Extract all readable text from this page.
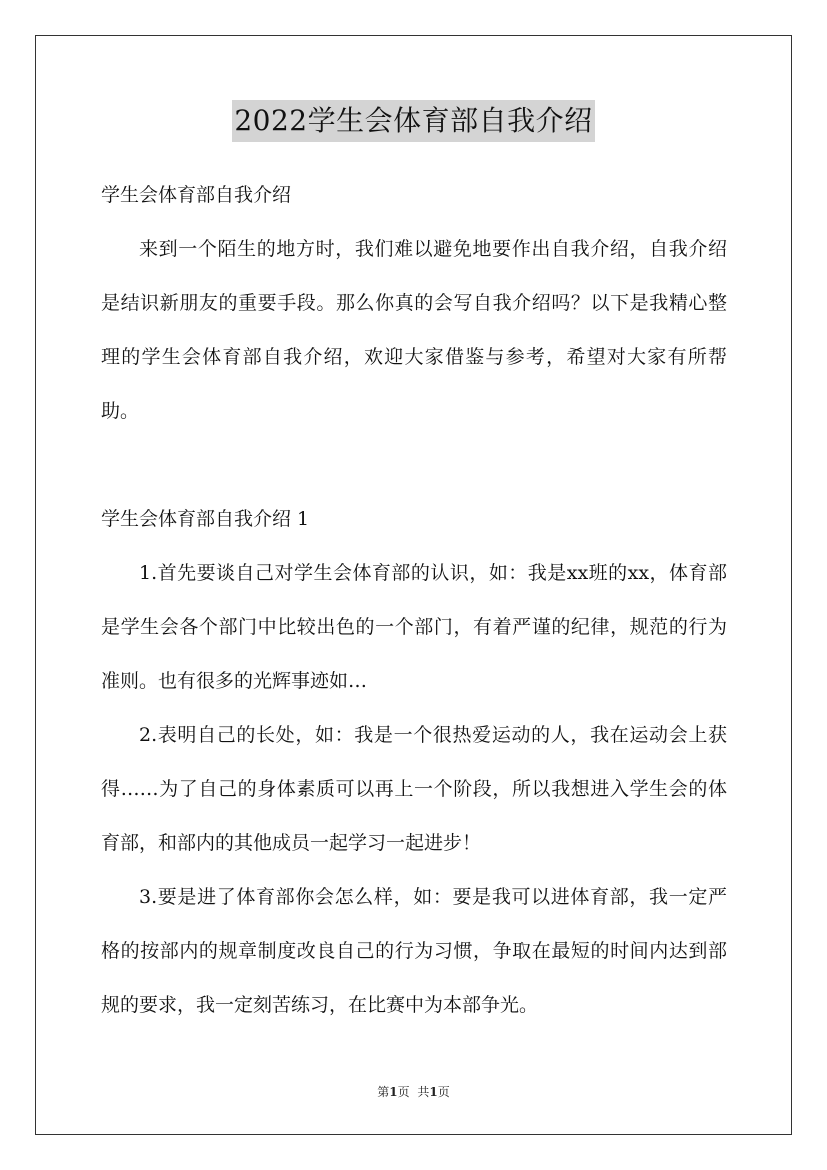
2022学生会体育部自我介绍

学生会体育部自我介绍

来到一个陌生的地方时，我们难以避免地要作出自我介绍，自我介绍是结识新朋友的重要手段。那么你真的会写自我介绍吗？以下是我精心整理的学生会体育部自我介绍，欢迎大家借鉴与参考，希望对大家有所帮助。

学生会体育部自我介绍 1

1.首先要谈自己对学生会体育部的认识，如：我是xx班的xx，体育部是学生会各个部门中比较出色的一个部门，有着严谨的纪律，规范的行为准则。也有很多的光辉事迹如…

2.表明自己的长处，如：我是一个很热爱运动的人，我在运动会上获得……为了自己的身体素质可以再上一个阶段，所以我想进入学生会的体育部，和部内的其他成员一起学习一起进步！

3.要是进了体育部你会怎么样，如：要是我可以进体育部，我一定严格的按部内的规章制度改良自己的行为习惯，争取在最短的时间内达到部规的要求，我一定刻苦练习，在比赛中为本部争光。

第1页 共1页
